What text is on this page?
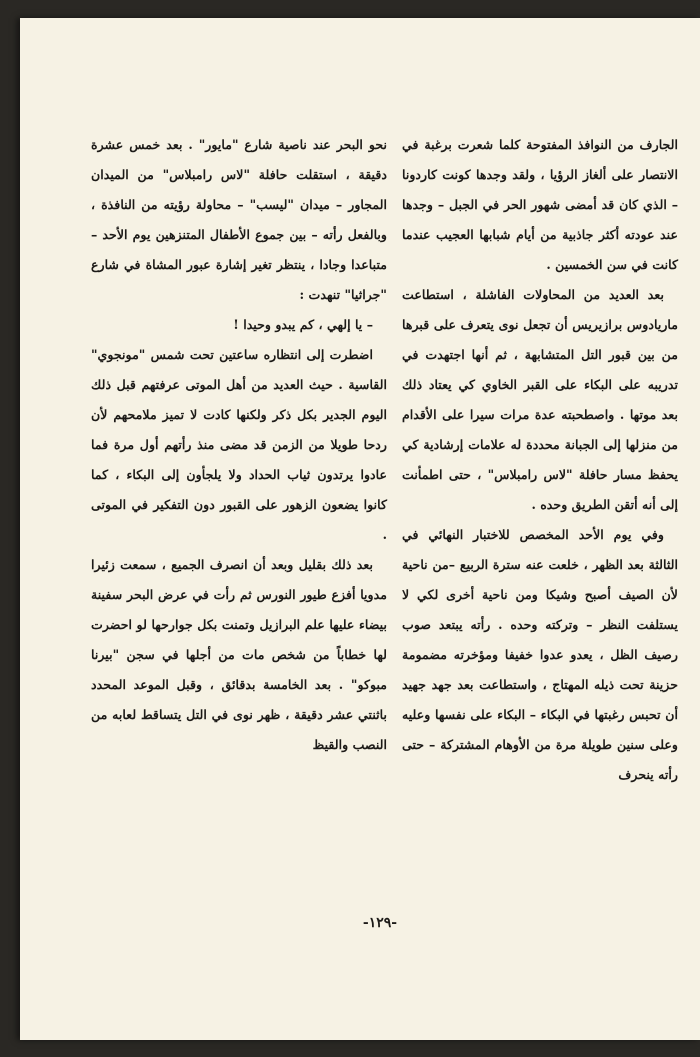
الجارف من النوافذ المفتوحة كلما شعرت برغبة في الانتصار على ألغاز الرؤيا ، ولقد وجدها كونت كاردونا – الذي كان قد أمضى شهور الحر في الجبل – وجدها عند عودته أكثر جاذبية من أيام شبابها العجيب عندما كانت في سن الخمسين .

بعد العديد من المحاولات الفاشلة ، استطاعت ماريادوس برازيريس أن تجعل نوى يتعرف على قبرها من بين قبور التل المتشابهة ، ثم أنها اجتهدت في تدريبه على البكاء على القبر الخاوي كي يعتاد ذلك بعد موتها . واصطحبته عدة مرات سيرا على الأقدام من منزلها إلى الجبانة محددة له علامات إرشادية كي يحفظ مسار حافلة "لاس رامبلاس" ، حتى اطمأنت إلى أنه أتقن الطريق وحده .

وفي يوم الأحد المخصص للاختبار النهائي في الثالثة بعد الظهر ، خلعت عنه سترة الربيع –من ناحية لأن الصيف أصبح وشيكا ومن ناحية أخرى لكي لا يستلفت النظر – وتركته وحده . رأته يبتعد صوب رصيف الظل ، يعدو عدوا خفيفا ومؤخرته مضمومة حزينة تحت ذيله المهتاج ، واستطاعت بعد جهد جهيد أن تحبس رغبتها في البكاء – البكاء على نفسها وعليه وعلى سنين طويلة مرة من الأوهام المشتركة – حتى رأته ينحرف

نحو البحر عند ناصية شارع "مايور" . بعد خمس عشرة دقيقة ، استقلت حافلة "لاس رامبلاس" من الميدان المجاور – ميدان "ليسب" – محاولة رؤيته من النافذة ، وبالفعل رأته – بين جموع الأطفال المتنزهين يوم الأحد – متباعدا وجادا ، ينتظر تغير إشارة عبور المشاة في شارع "جراثيا" تنهدت :

– يا إلهي ، كم يبدو وحيدا !

اضطرت إلى انتظاره ساعتين تحت شمس "مونجوي" القاسية . حيث العديد من أهل الموتى عرفتهم قبل ذلك اليوم الجدير بكل ذكر ولكنها كادت لا تميز ملامحهم لأن ردحا طويلا من الزمن قد مضى منذ رأتهم أول مرة فما عادوا يرتدون ثياب الحداد ولا يلجأون إلى البكاء ، كما كانوا يضعون الزهور على القبور دون التفكير في الموتى .

بعد ذلك بقليل وبعد أن انصرف الجميع ، سمعت زئيرا مدويا أفزع طيور النورس ثم رأت في عرض البحر سفينة بيضاء عليها علم البرازيل وتمنت بكل جوارحها لو احضرت لها خطاباً من شخص مات من أجلها في سجن "بيرنا مبوكو" . بعد الخامسة بدقائق ، وقبل الموعد المحدد باثنتي عشر دقيقة ، ظهر نوى في التل يتساقط لعابه من النصب والقيظ

-١٢٩-
